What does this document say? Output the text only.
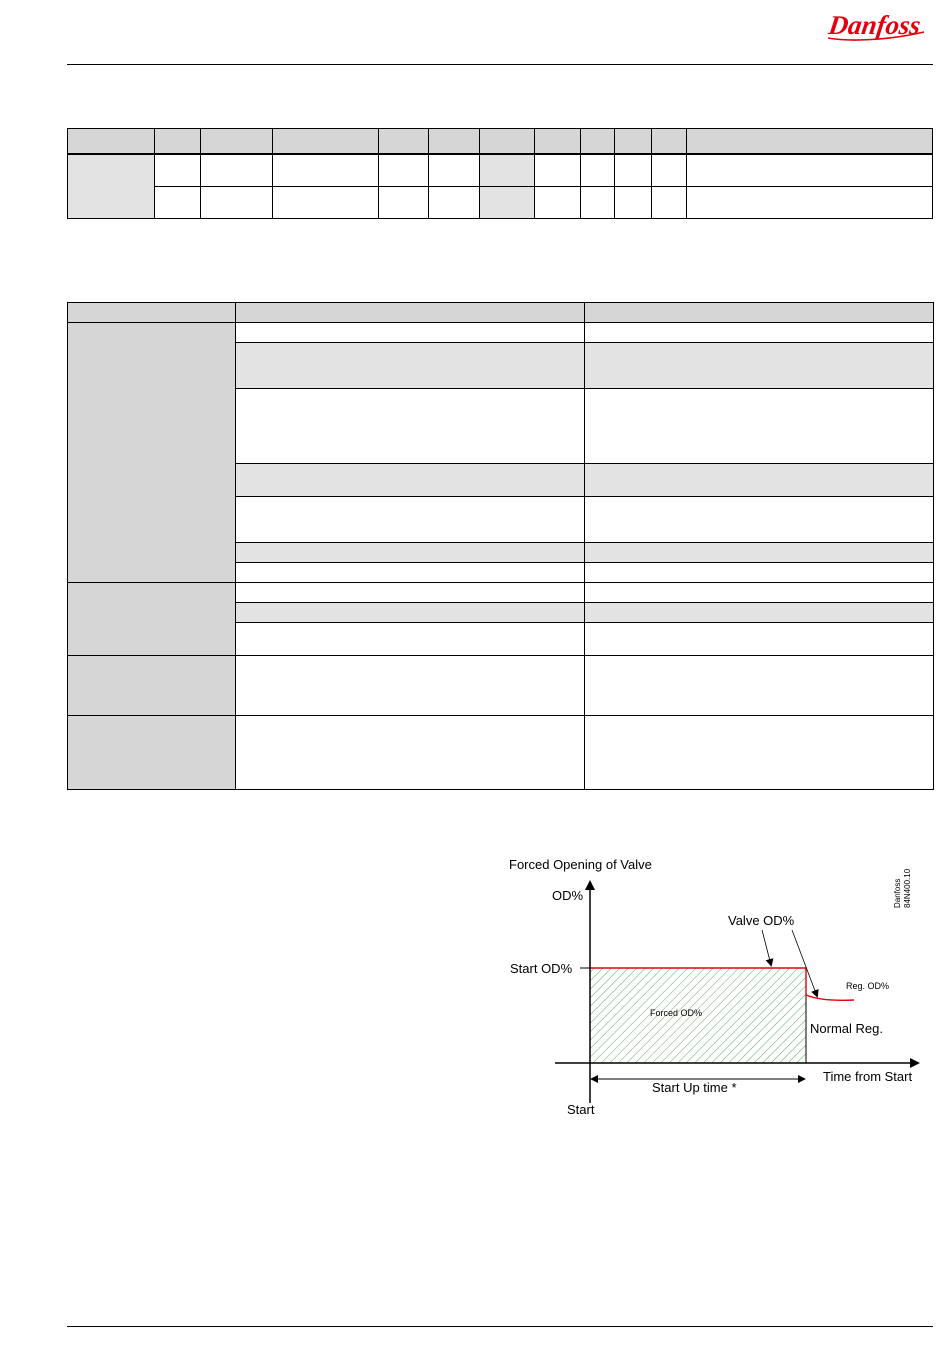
Danfoss

Forced Opening of Valve
OD%	Danfoss 84N400.10
Start OD%
Valve OD%
Reg. OD%
Forced OD%
Normal Reg.
Start Up time *
Time from Start
Start
